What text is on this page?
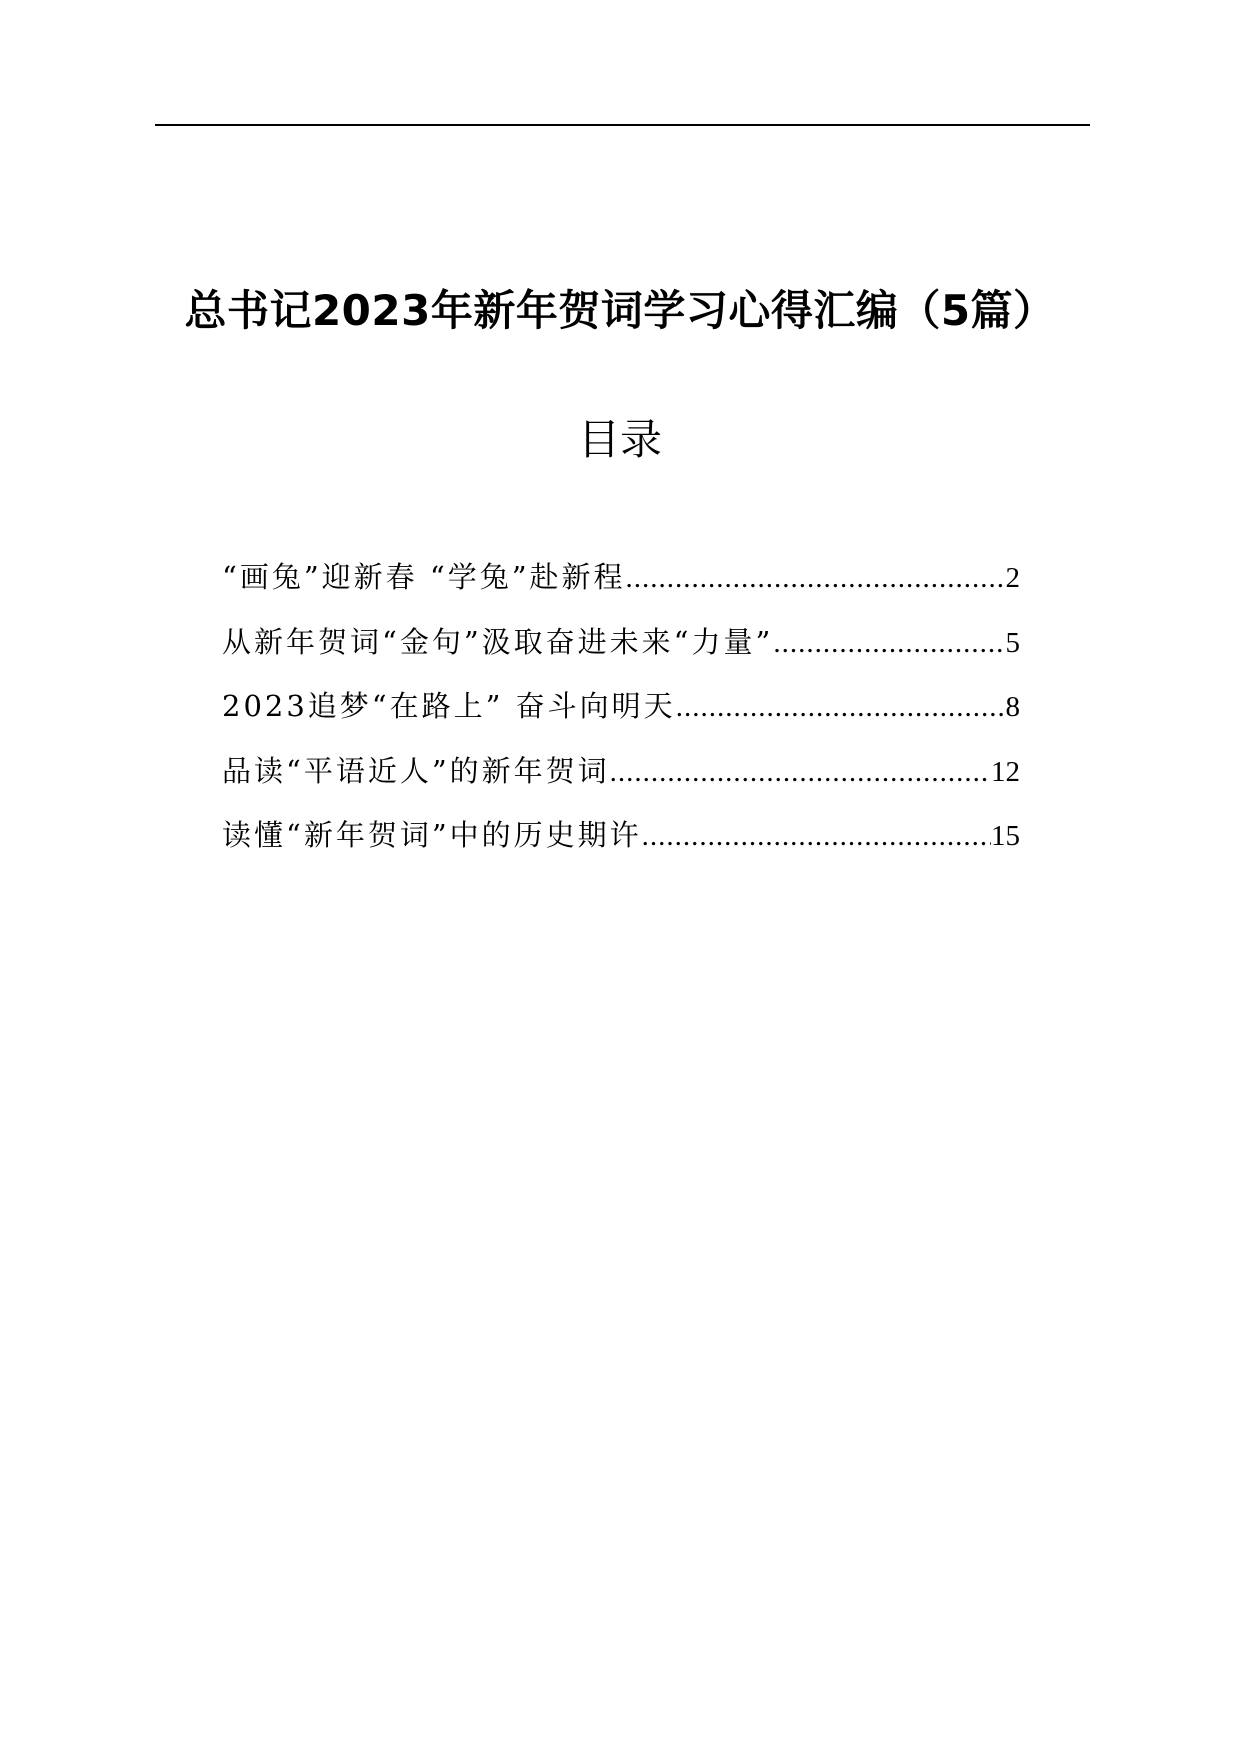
总书记2023年新年贺词学习心得汇编（5篇）
目录
“画兔”迎新春 “学兔”赴新程 .....	2
从新年贺词“金句”汲取奋进未来“力量” .....	5
2023追梦“在路上” 奋斗向明天 .....	8
品读“平语近人”的新年贺词 .....	12
读懂“新年贺词”中的历史期许 .....	15
